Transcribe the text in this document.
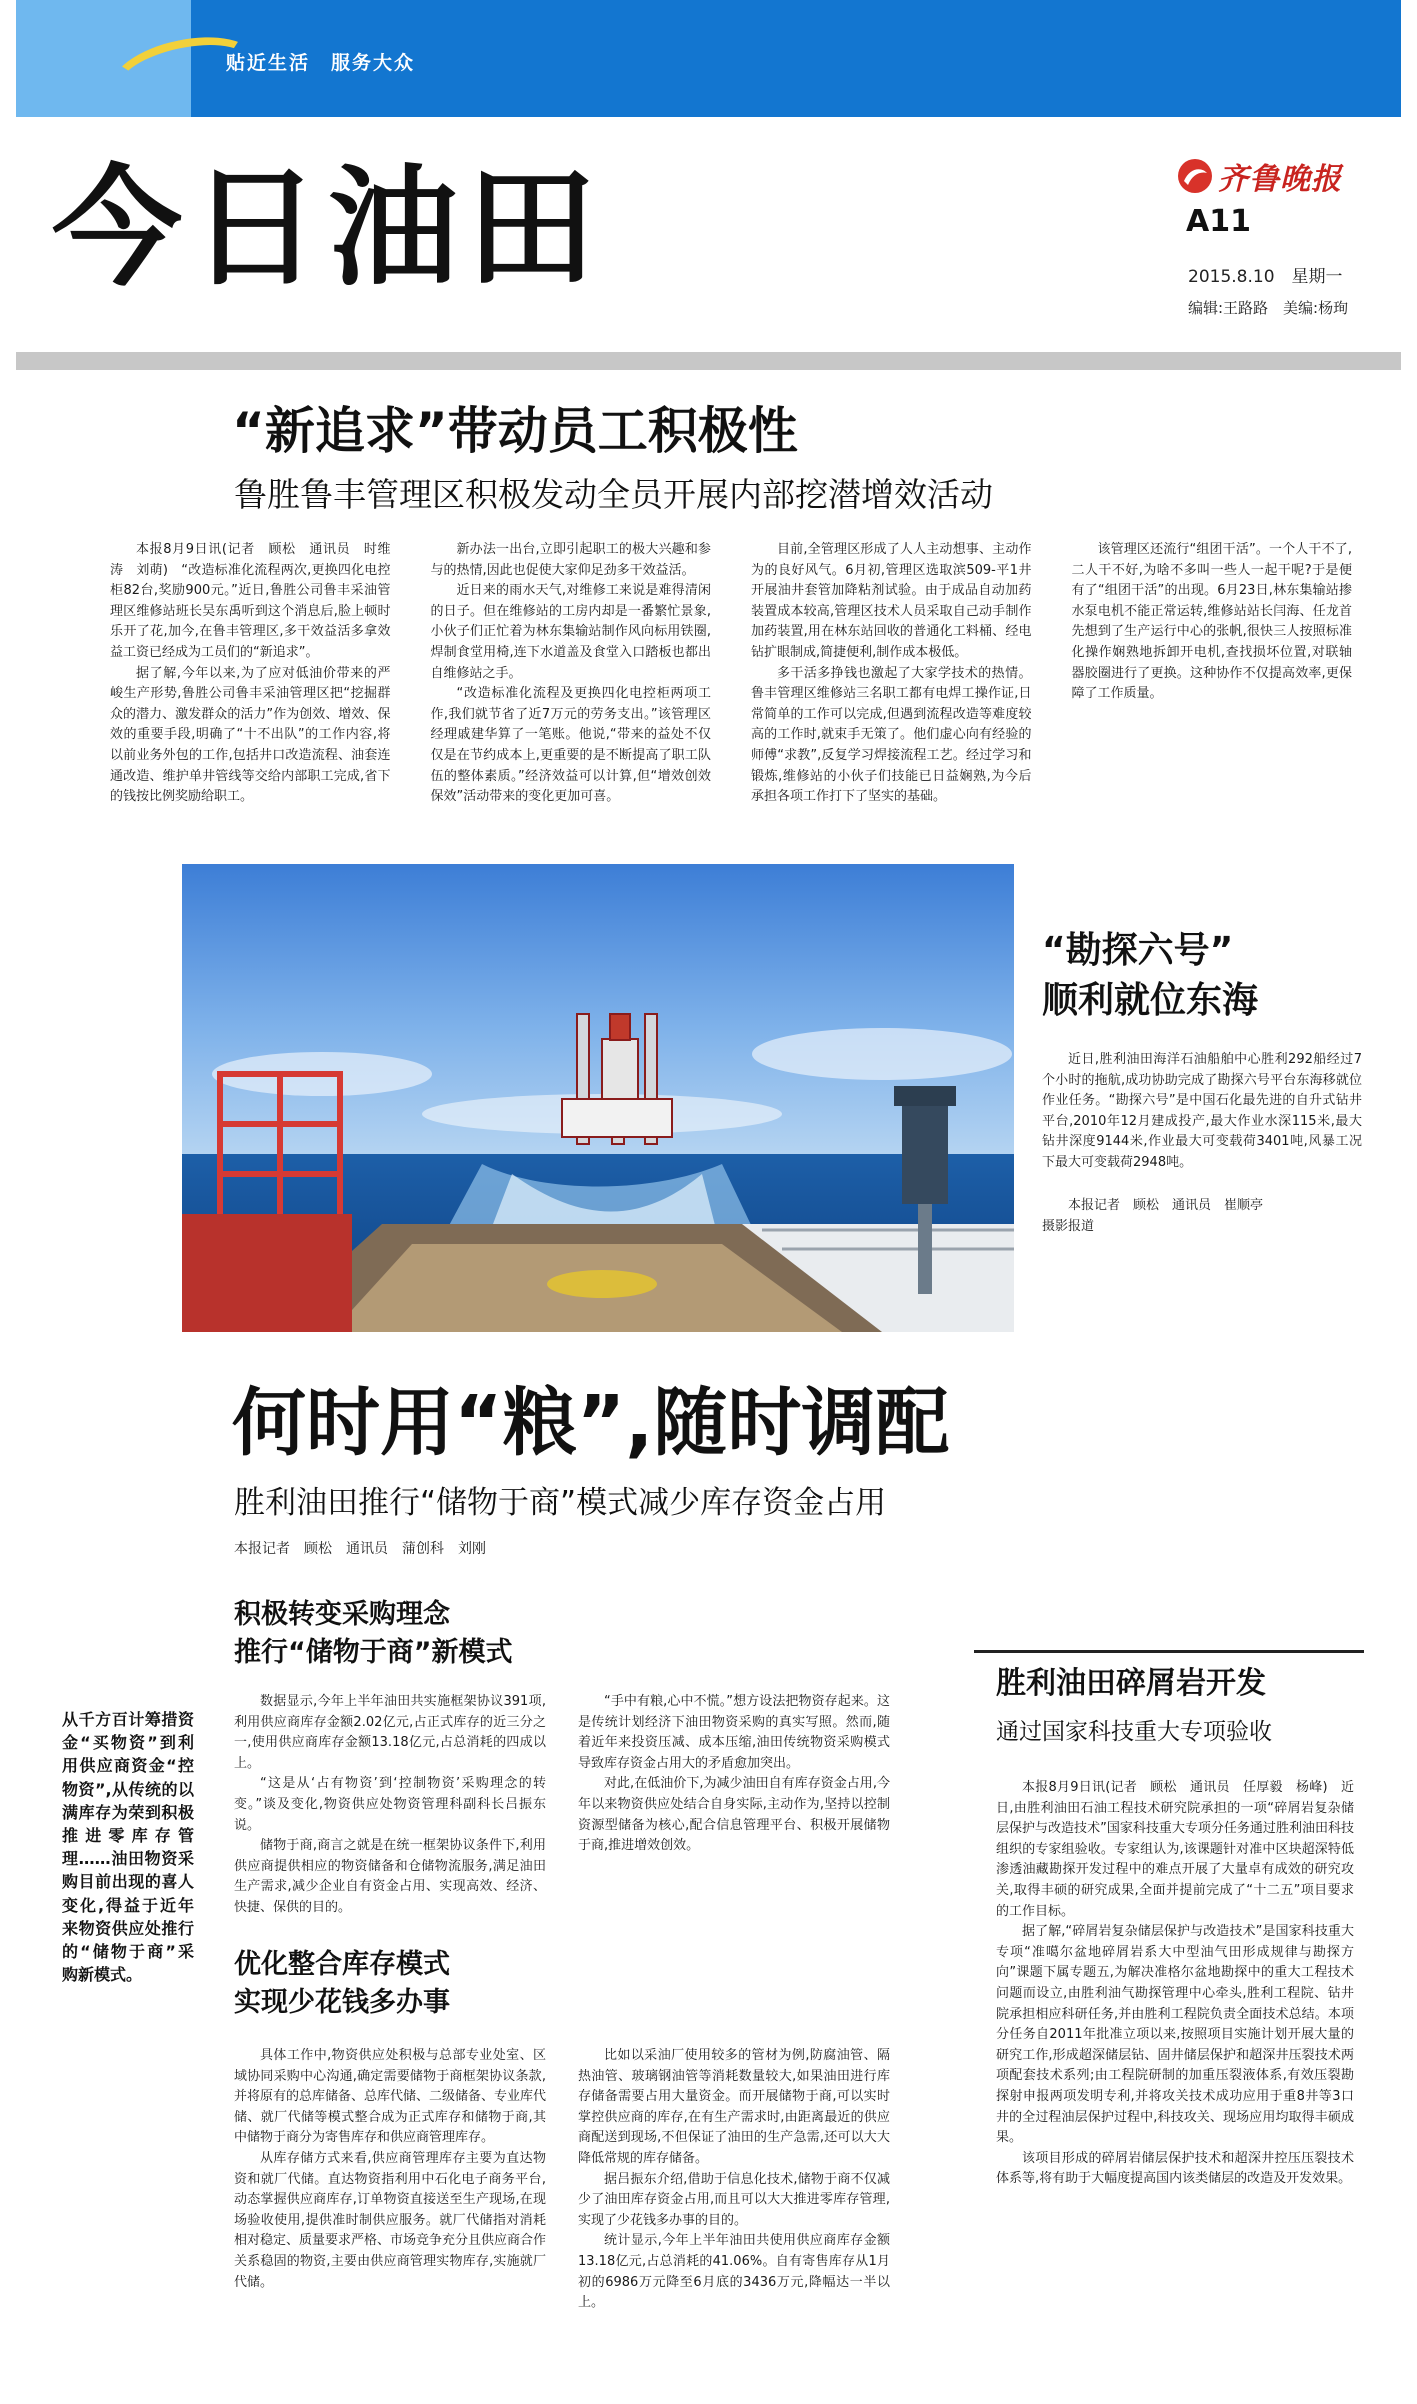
贴近生活　服务大众
今日油田	齐鲁晚报
A11
2015.8.10　星期一
编辑:王路路　美编:杨珣
“新追求”带动员工积极性
鲁胜鲁丰管理区积极发动全员开展内部挖潜增效活动

本报8月9日讯(记者　顾松　通讯员　时维涛　刘萌)　“改造标准化流程两次,更换四化电控柜82台,奖励900元。”近日,鲁胜公司鲁丰采油管理区维修站班长吴东禹听到这个消息后,脸上顿时乐开了花,加今,在鲁丰管理区,多干效益活多拿效益工资已经成为工员们的“新追求”。

据了解,今年以来,为了应对低油价带来的严峻生产形势,鲁胜公司鲁丰采油管理区把“挖掘群众的潜力、激发群众的活力”作为创效、增效、保效的重要手段,明确了“十不出队”的工作内容,将以前业务外包的工作,包括井口改造流程、油套连通改造、维护单井管线等交给内部职工完成,省下的钱按比例奖励给职工。

新办法一出台,立即引起职工的极大兴趣和参与的热情,因此也促使大家仰足劲多干效益活。

近日来的雨水天气,对维修工来说是难得清闲的日子。但在维修站的工房内却是一番繁忙景象,小伙子们正忙着为林东集输站制作风向标用铁圈,焊制食堂用椅,连下水道盖及食堂入口踏板也都出自维修站之手。

“改造标准化流程及更换四化电控柜两项工作,我们就节省了近7万元的劳务支出。”该管理区经理戚建华算了一笔账。他说,“带来的益处不仅仅是在节约成本上,更重要的是不断提高了职工队伍的整体素质。”经济效益可以计算,但“增效创效保效”活动带来的变化更加可喜。

目前,全管理区形成了人人主动想事、主动作为的良好风气。6月初,管理区选取滨509-平1井开展油井套管加降粘剂试验。由于成品自动加药装置成本较高,管理区技术人员采取自己动手制作加药装置,用在林东站回收的普通化工料桶、经电钻扩眼制成,简捷便利,制作成本极低。

多干活多挣钱也激起了大家学技术的热情。鲁丰管理区维修站三名职工都有电焊工操作证,日常简单的工作可以完成,但遇到流程改造等难度较高的工作时,就束手无策了。他们虚心向有经验的师傅“求教”,反复学习焊接流程工艺。经过学习和锻炼,维修站的小伙子们技能已日益娴熟,为今后承担各项工作打下了坚实的基础。

该管理区还流行“组团干活”。一个人干不了,二人干不好,为啥不多叫一些人一起干呢?于是便有了“组团干活”的出现。6月23日,林东集输站掺水泵电机不能正常运转,维修站站长闫海、任龙首先想到了生产运行中心的张帆,很快三人按照标准化操作娴熟地拆卸开电机,查找损坏位置,对联轴器胶圈进行了更换。这种协作不仅提高效率,更保障了工作质量。

“勘探六号”
顺利就位东海

近日,胜利油田海洋石油船舶中心胜利292船经过7个小时的拖航,成功协助完成了勘探六号平台东海移就位作业任务。“勘探六号”是中国石化最先进的自升式钻井平台,2010年12月建成投产,最大作业水深115米,最大钻井深度9144米,作业最大可变载荷3401吨,风暴工况下最大可变载荷2948吨。

本报记者　顾松　通讯员　崔顺亭
摄影报道
何时用“粮”,随时调配
胜利油田推行“储物于商”模式减少库存资金占用
本报记者　顾松　通讯员　蒲创科　刘刚
从千方百计筹措资金“买物资”到利用供应商资金“控物资”,从传统的以满库存为荣到积极推进零库存管理……油田物资采购目前出现的喜人变化,得益于近年来物资供应处推行的“储物于商”采购新模式。
积极转变采购理念
推行“储物于商”新模式

数据显示,今年上半年油田共实施框架协议391项,利用供应商库存金额2.02亿元,占正式库存的近三分之一,使用供应商库存金额13.18亿元,占总消耗的四成以上。

“这是从‘占有物资’到‘控制物资’采购理念的转变。”谈及变化,物资供应处物资管理科副科长吕振东说。

储物于商,商言之就是在统一框架协议条件下,利用供应商提供相应的物资储备和仓储物流服务,满足油田生产需求,减少企业自有资金占用、实现高效、经济、快捷、保供的目的。

“手中有粮,心中不慌。”想方设法把物资存起来。这是传统计划经济下油田物资采购的真实写照。然而,随着近年来投资压减、成本压缩,油田传统物资采购模式导致库存资金占用大的矛盾愈加突出。

对此,在低油价下,为减少油田自有库存资金占用,今年以来物资供应处结合自身实际,主动作为,坚持以控制资源型储备为核心,配合信息管理平台、积极开展储物于商,推进增效创效。

优化整合库存模式
实现少花钱多办事

具体工作中,物资供应处积极与总部专业处室、区域协同采购中心沟通,确定需要储物于商框架协议条款,并将原有的总库储备、总库代储、二级储备、专业库代储、就厂代储等模式整合成为正式库存和储物于商,其中储物于商分为寄售库存和供应商管理库存。

从库存储方式来看,供应商管理库存主要为直达物资和就厂代储。直达物资指利用中石化电子商务平台,动态掌握供应商库存,订单物资直接送至生产现场,在现场验收使用,提供准时制供应服务。就厂代储指对消耗相对稳定、质量要求严格、市场竞争充分且供应商合作关系稳固的物资,主要由供应商管理实物库存,实施就厂代储。

比如以采油厂使用较多的管材为例,防腐油管、隔热油管、玻璃钢油管等消耗数量较大,如果油田进行库存储备需要占用大量资金。而开展储物于商,可以实时掌控供应商的库存,在有生产需求时,由距离最近的供应商配送到现场,不但保证了油田的生产急需,还可以大大降低常规的库存储备。

据吕振东介绍,借助于信息化技术,储物于商不仅减少了油田库存资金占用,而且可以大大推进零库存管理,实现了少花钱多办事的目的。

统计显示,今年上半年油田共使用供应商库存金额13.18亿元,占总消耗的41.06%。自有寄售库存从1月初的6986万元降至6月底的3436万元,降幅达一半以上。

胜利油田碎屑岩开发
通过国家科技重大专项验收

本报8月9日讯(记者　顾松　通讯员　任厚毅　杨峰)　近日,由胜利油田石油工程技术研究院承担的一项“碎屑岩复杂储层保护与改造技术”国家科技重大专项分任务通过胜利油田科技组织的专家组验收。专家组认为,该课题针对准中区块超深特低渗透油藏勘探开发过程中的难点开展了大量卓有成效的研究攻关,取得丰硕的研究成果,全面并提前完成了“十二五”项目要求的工作目标。

据了解,“碎屑岩复杂储层保护与改造技术”是国家科技重大专项“准噶尔盆地碎屑岩系大中型油气田形成规律与勘探方向”课题下属专题五,为解决准格尔盆地勘探中的重大工程技术问题而设立,由胜利油气勘探管理中心牵头,胜利工程院、钻井院承担相应科研任务,并由胜利工程院负责全面技术总结。本项分任务自2011年批准立项以来,按照项目实施计划开展大量的研究工作,形成超深储层钻、固井储层保护和超深井压裂技术两项配套技术系列;由工程院研制的加重压裂液体系,有效压裂勘探射申报两项发明专利,并将攻关技术成功应用于重8井等3口井的全过程油层保护过程中,科技攻关、现场应用均取得丰硕成果。

该项目形成的碎屑岩储层保护技术和超深井控压压裂技术体系等,将有助于大幅度提高国内该类储层的改造及开发效果。
